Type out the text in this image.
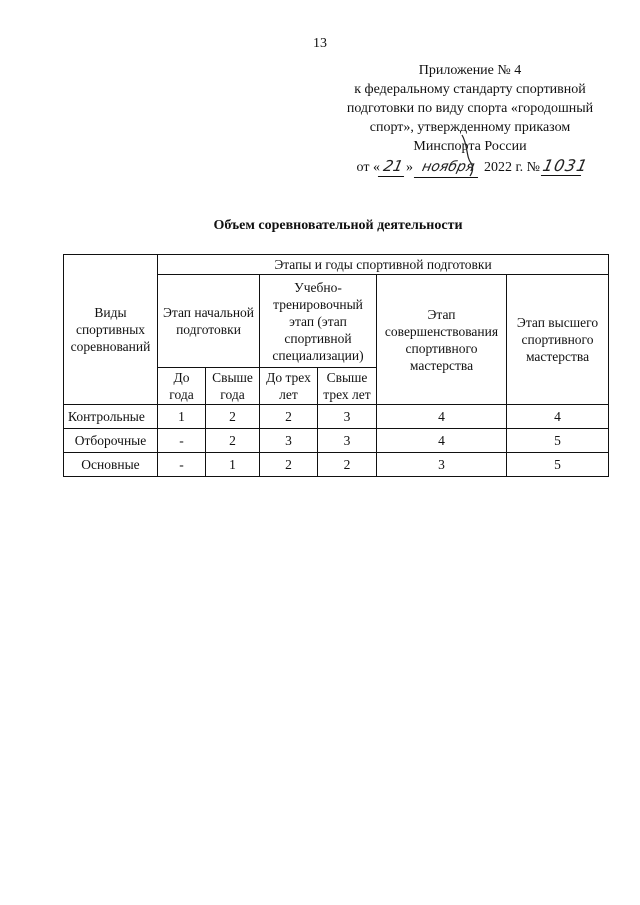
13
Приложение № 4
к федеральному стандарту спортивной
подготовки по виду спорта «городошный
спорт», утвержденному приказом
Минспорта России
от « 21» ноября 2022 г. № 1031
Объем соревновательной деятельности
Виды спортивных соревнований	Этапы и годы спортивной подготовки					
	Этап начальной подготовки		Учебно-тренировочный этап (этап спортивной специализации)		Этап совершенствования спортивного мастерства	Этап высшего спортивного мастерства
	До года	Свыше года	До трех лет	Свыше трех лет		
Контрольные	1	2	2	3	4	4
Отборочные	-	2	3	3	4	5
Основные	-	1	2	2	3	5
